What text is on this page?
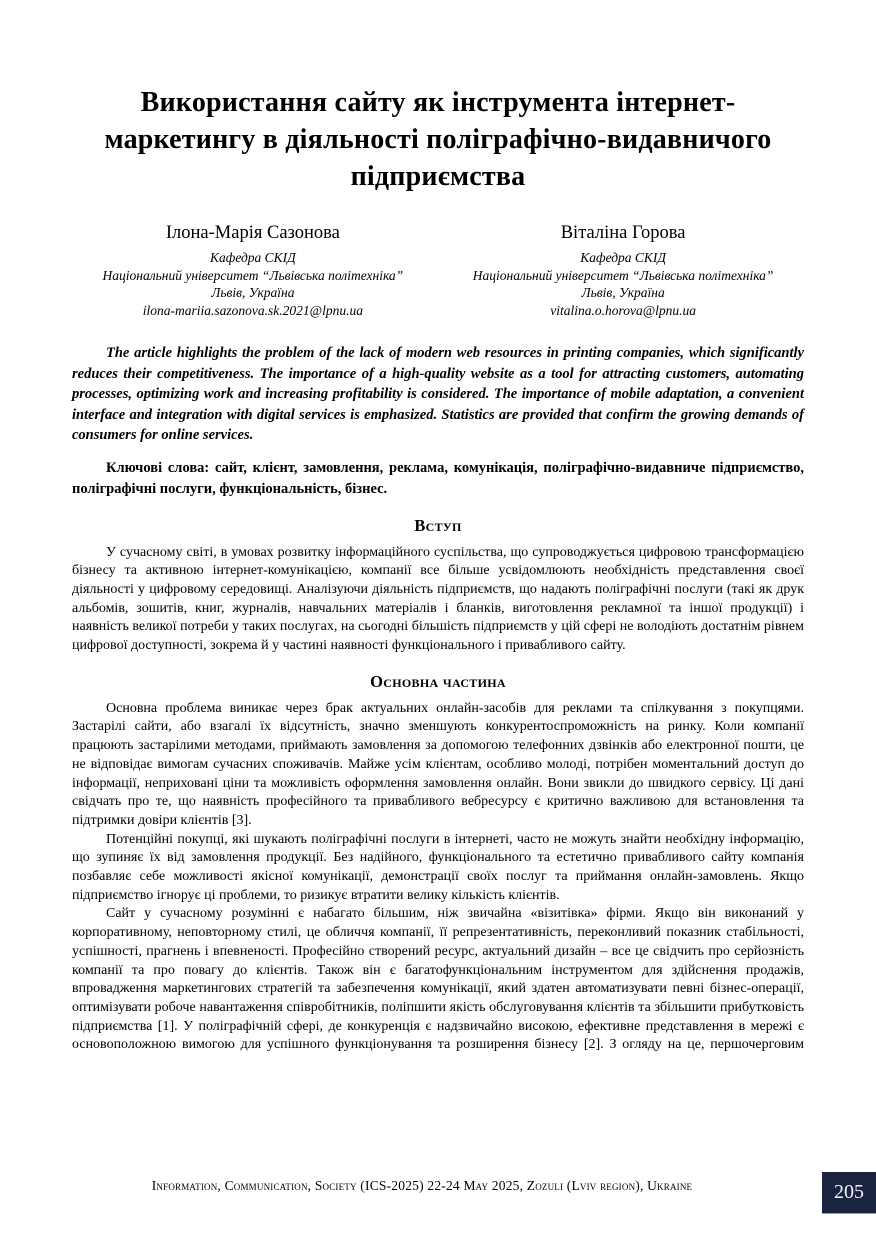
Використання сайту як інструмента інтернет-маркетингу в діяльності поліграфічно-видавничого підприємства
Ілона-Марія Сазонова
Кафедра СКІД
Національний університет “Львівська політехніка”
Львів, Україна
ilona-mariia.sazonova.sk.2021@lpnu.ua
Віталіна Горова
Кафедра СКІД
Національний університет “Львівська політехніка”
Львів, Україна
vitalina.o.horova@lpnu.ua

The article highlights the problem of the lack of modern web resources in printing companies, which significantly reduces their competitiveness. The importance of a high-quality website as a tool for attracting customers, automating processes, optimizing work and increasing profitability is considered. The importance of mobile adaptation, a convenient interface and integration with digital services is emphasized. Statistics are provided that confirm the growing demands of consumers for online services.

Ключові слова: сайт, клієнт, замовлення, реклама, комунікація, поліграфічно-видавниче підприємство, поліграфічні послуги, функціональність, бізнес.

Вступ

У сучасному світі, в умовах розвитку інформаційного суспільства, що супроводжується цифровою трансформацією бізнесу та активною інтернет-комунікацією, компанії все більше усвідомлюють необхідність представлення своєї діяльності у цифровому середовищі. Аналізуючи діяльність підприємств, що надають поліграфічні послуги (такі як друк альбомів, зошитів, книг, журналів, навчальних матеріалів і бланків, виготовлення рекламної та іншої продукції) і наявність великої потреби у таких послугах, на сьогодні більшість підприємств у цій сфері не володіють достатнім рівнем цифрової доступності, зокрема й у частині наявності функціонального і привабливого сайту.

Основна частина

Основна проблема виникає через брак актуальних онлайн-засобів для реклами та спілкування з покупцями. Застарілі сайти, або взагалі їх відсутність, значно зменшують конкурентоспроможність на ринку. Коли компанії працюють застарілими методами, приймають замовлення за допомогою телефонних дзвінків або електронної пошти, це не відповідає вимогам сучасних споживачів. Майже усім клієнтам, особливо молоді, потрібен моментальний доступ до інформації, неприховані ціни та можливість оформлення замовлення онлайн. Вони звикли до швидкого сервісу. Ці дані свідчать про те, що наявність професійного та привабливого вебресурсу є критично важливою для встановлення та підтримки довіри клієнтів [3].

Потенційні покупці, які шукають поліграфічні послуги в інтернеті, часто не можуть знайти необхідну інформацію, що зупиняє їх від замовлення продукції. Без надійного, функціонального та естетично привабливого сайту компанія позбавляє себе можливості якісної комунікації, демонстрації своїх послуг та приймання онлайн-замовлень. Якщо підприємство ігнорує ці проблеми, то ризикує втратити велику кількість клієнтів.

Сайт у сучасному розумінні є набагато більшим, ніж звичайна «візитівка» фірми. Якщо він виконаний у корпоративному, неповторному стилі, це обличчя компанії, її репрезентативність, переконливий показник стабільності, успішності, прагнень і впевненості. Професійно створений ресурс, актуальний дизайн – все це свідчить про серйозність компанії та про повагу до клієнтів. Також він є багатофункціональним інструментом для здійснення продажів, впровадження маркетингових стратегій та забезпечення комунікації, який здатен автоматизувати певні бізнес-операції, оптимізувати робоче навантаження співробітників, поліпшити якість обслуговування клієнтів та збільшити прибутковість підприємства [1]. У поліграфічній сфері, де конкуренція є надзвичайно високою, ефективне представлення в мережі є основоположною вимогою для успішного функціонування та розширення бізнесу [2]. З огляду на це, першочерговим

Information, Communication, Society (ICS-2025) 22-24 May 2025, Zozuli (Lviv region), Ukraine	205
